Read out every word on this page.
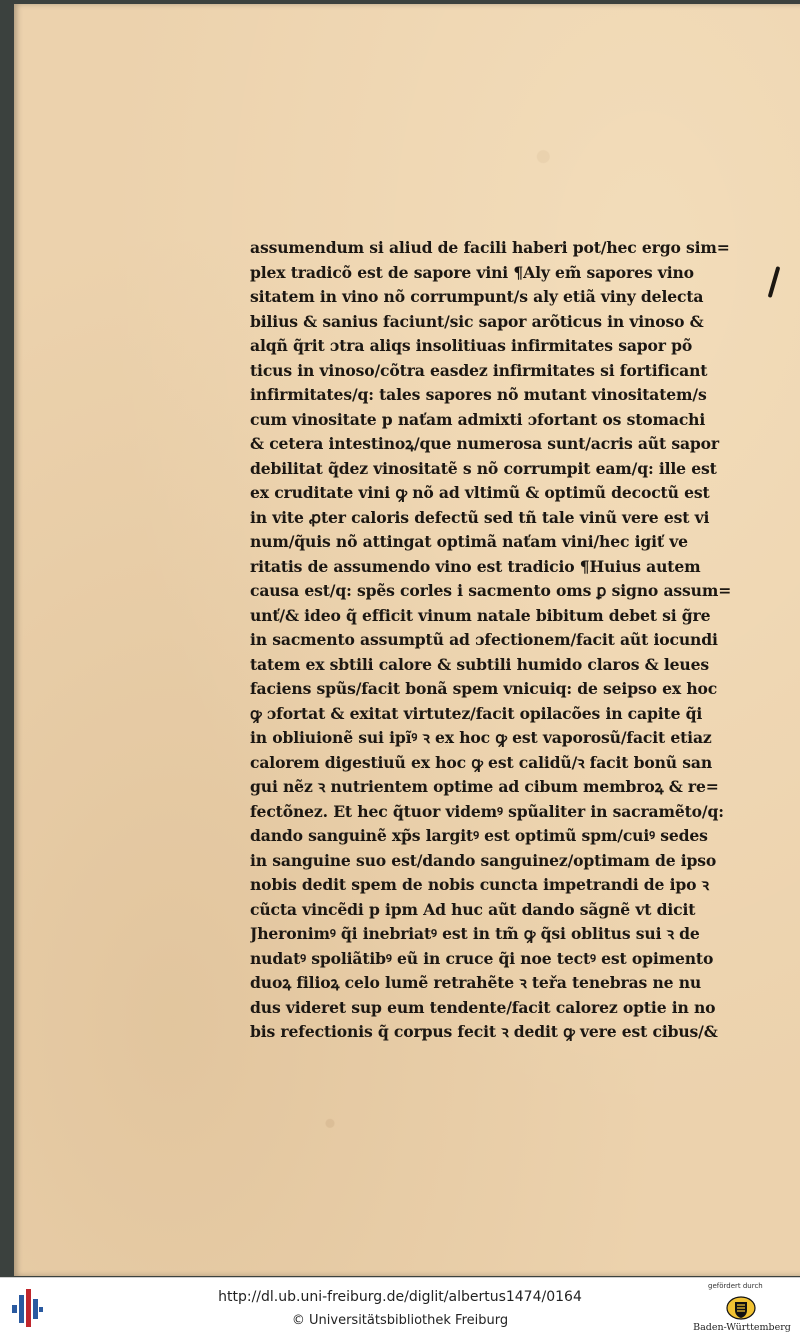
assumendum si aliud de facili haberi pot/hec ergo sim=
plex tradicõ est de sapore vini ¶Aly em̃ sapores vino
sitatem in vino nõ corrumpunt/s aly etiã viny delecta
bilius & sanius faciunt/sic sapor arõticus in vinoso &
alqñ q̃rit ɔtra aliqs insolitiuas infirmitates sapor põ
ticus in vinoso/cõtra easdez infirmitates si fortificant
infirmitates/q: tales sapores nõ mutant vinositatem/s
cum vinositate p naťam admixti ɔfortant os stomachi
& cetera intestinoꝝ/que numerosa sunt/acris aũt sapor
debilitat q̃dez vinositatẽ s nõ corrumpit eam/q: ille est
ex cruditate vini ꝙ nõ ad vltimũ & optimũ decoctũ est
in vite ꝓter caloris defectũ sed tñ tale vinũ vere est vi
num/q̃uis nõ attingat optimã naťam vini/hec igiť ve
ritatis de assumendo vino est tradicio ¶Huius autem
causa est/q: spẽs corles i sacmento oms ꝑ signo assum=
unť/& ideo q̃ efficit vinum natale bibitum debet si g̃re
in sacmento assumptũ ad ɔfectionem/facit aũt iocundi
tatem ex sbtili calore & subtili humido claros & leues
faciens spũs/facit bonã spem vnicuiq: de seipso ex hoc
ꝙ ɔfortat & exitat virtutez/facit opilacões in capite q̃i
in obliuionẽ sui ipĩꝰ ꝛ ex hoc ꝙ est vaporosũ/facit etiaz
calorem digestiuũ ex hoc ꝙ est calidũ/ꝛ facit bonũ san
gui nẽz ꝛ nutrientem optime ad cibum membroꝝ & re=
fectõnez. Et hec q̃tuor videmꝰ spũaliter in sacramẽto/q:
dando sanguinẽ xp̃s largitꝰ est optimũ spm/cuiꝰ sedes
in sanguine suo est/dando sanguinez/optimam de ipso
nobis dedit spem de nobis cuncta impetrandi de ipo ꝛ
cũcta vincẽdi p ipm Ad huc aũt dando sãgnẽ vt dicit
Jheronimꝰ q̃i inebriatꝰ est in tm̃ ꝙ q̃si oblitus sui ꝛ de
nudatꝰ spoliãtibꝰ eũ in cruce q̃i noe tectꝰ est opimento
duoꝝ filioꝝ celo lumẽ retrahẽte ꝛ teřa tenebras ne nu
dus videret sup eum tendente/facit calorez optie in no
bis refectionis q̃ corpus fecit ꝛ dedit ꝙ vere est cibus/&
http://dl.ub.uni-freiburg.de/diglit/albertus1474/0164
© Universitätsbibliothek Freiburg
gefördert durch
Baden-Württemberg
